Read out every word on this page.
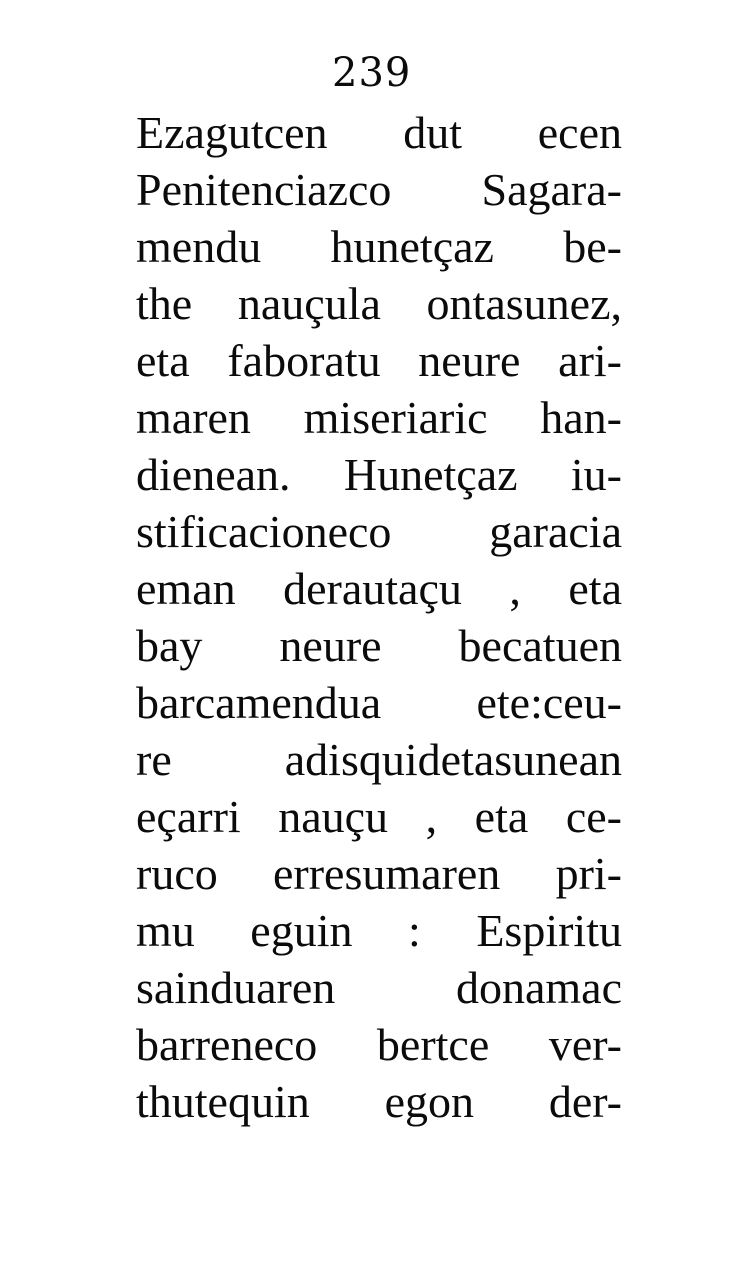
239
Ezagutcen dut ecen
Penitenciazco Sagara-
mendu hunetçaz be-
the nauçula ontasunez,
eta faboratu neure ari-
maren miseriaric han-
dienean. Hunetçaz iu-
stificacioneco garacia
eman derautaçu , eta
bay neure becatuen
barcamendua ete:ceu-
re adisquidetasunean
eçarri nauçu , eta ce-
ruco erresumaren pri-
mu eguin : Espiritu
sainduaren donamac
barreneco bertce ver-
thutequin egon der-
